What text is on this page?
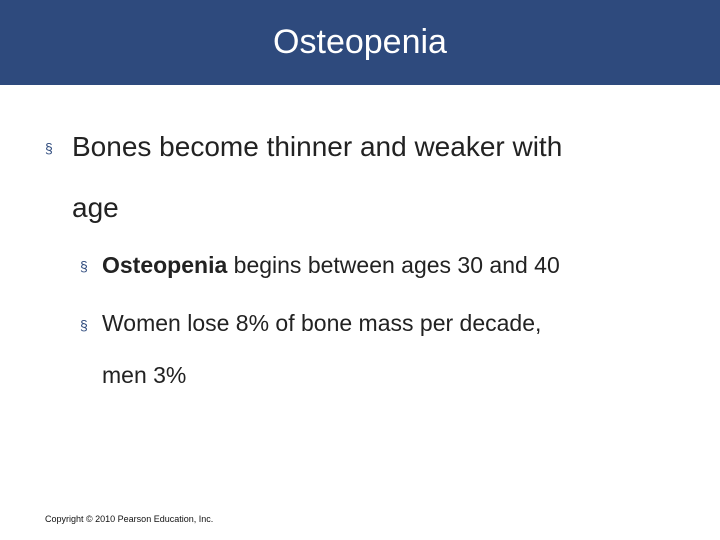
Osteopenia
§ Bones become thinner and weaker with
age
§ Osteopenia begins between ages 30 and 40
§ Women lose 8% of bone mass per decade,
men 3%
Copyright © 2010 Pearson Education, Inc.
